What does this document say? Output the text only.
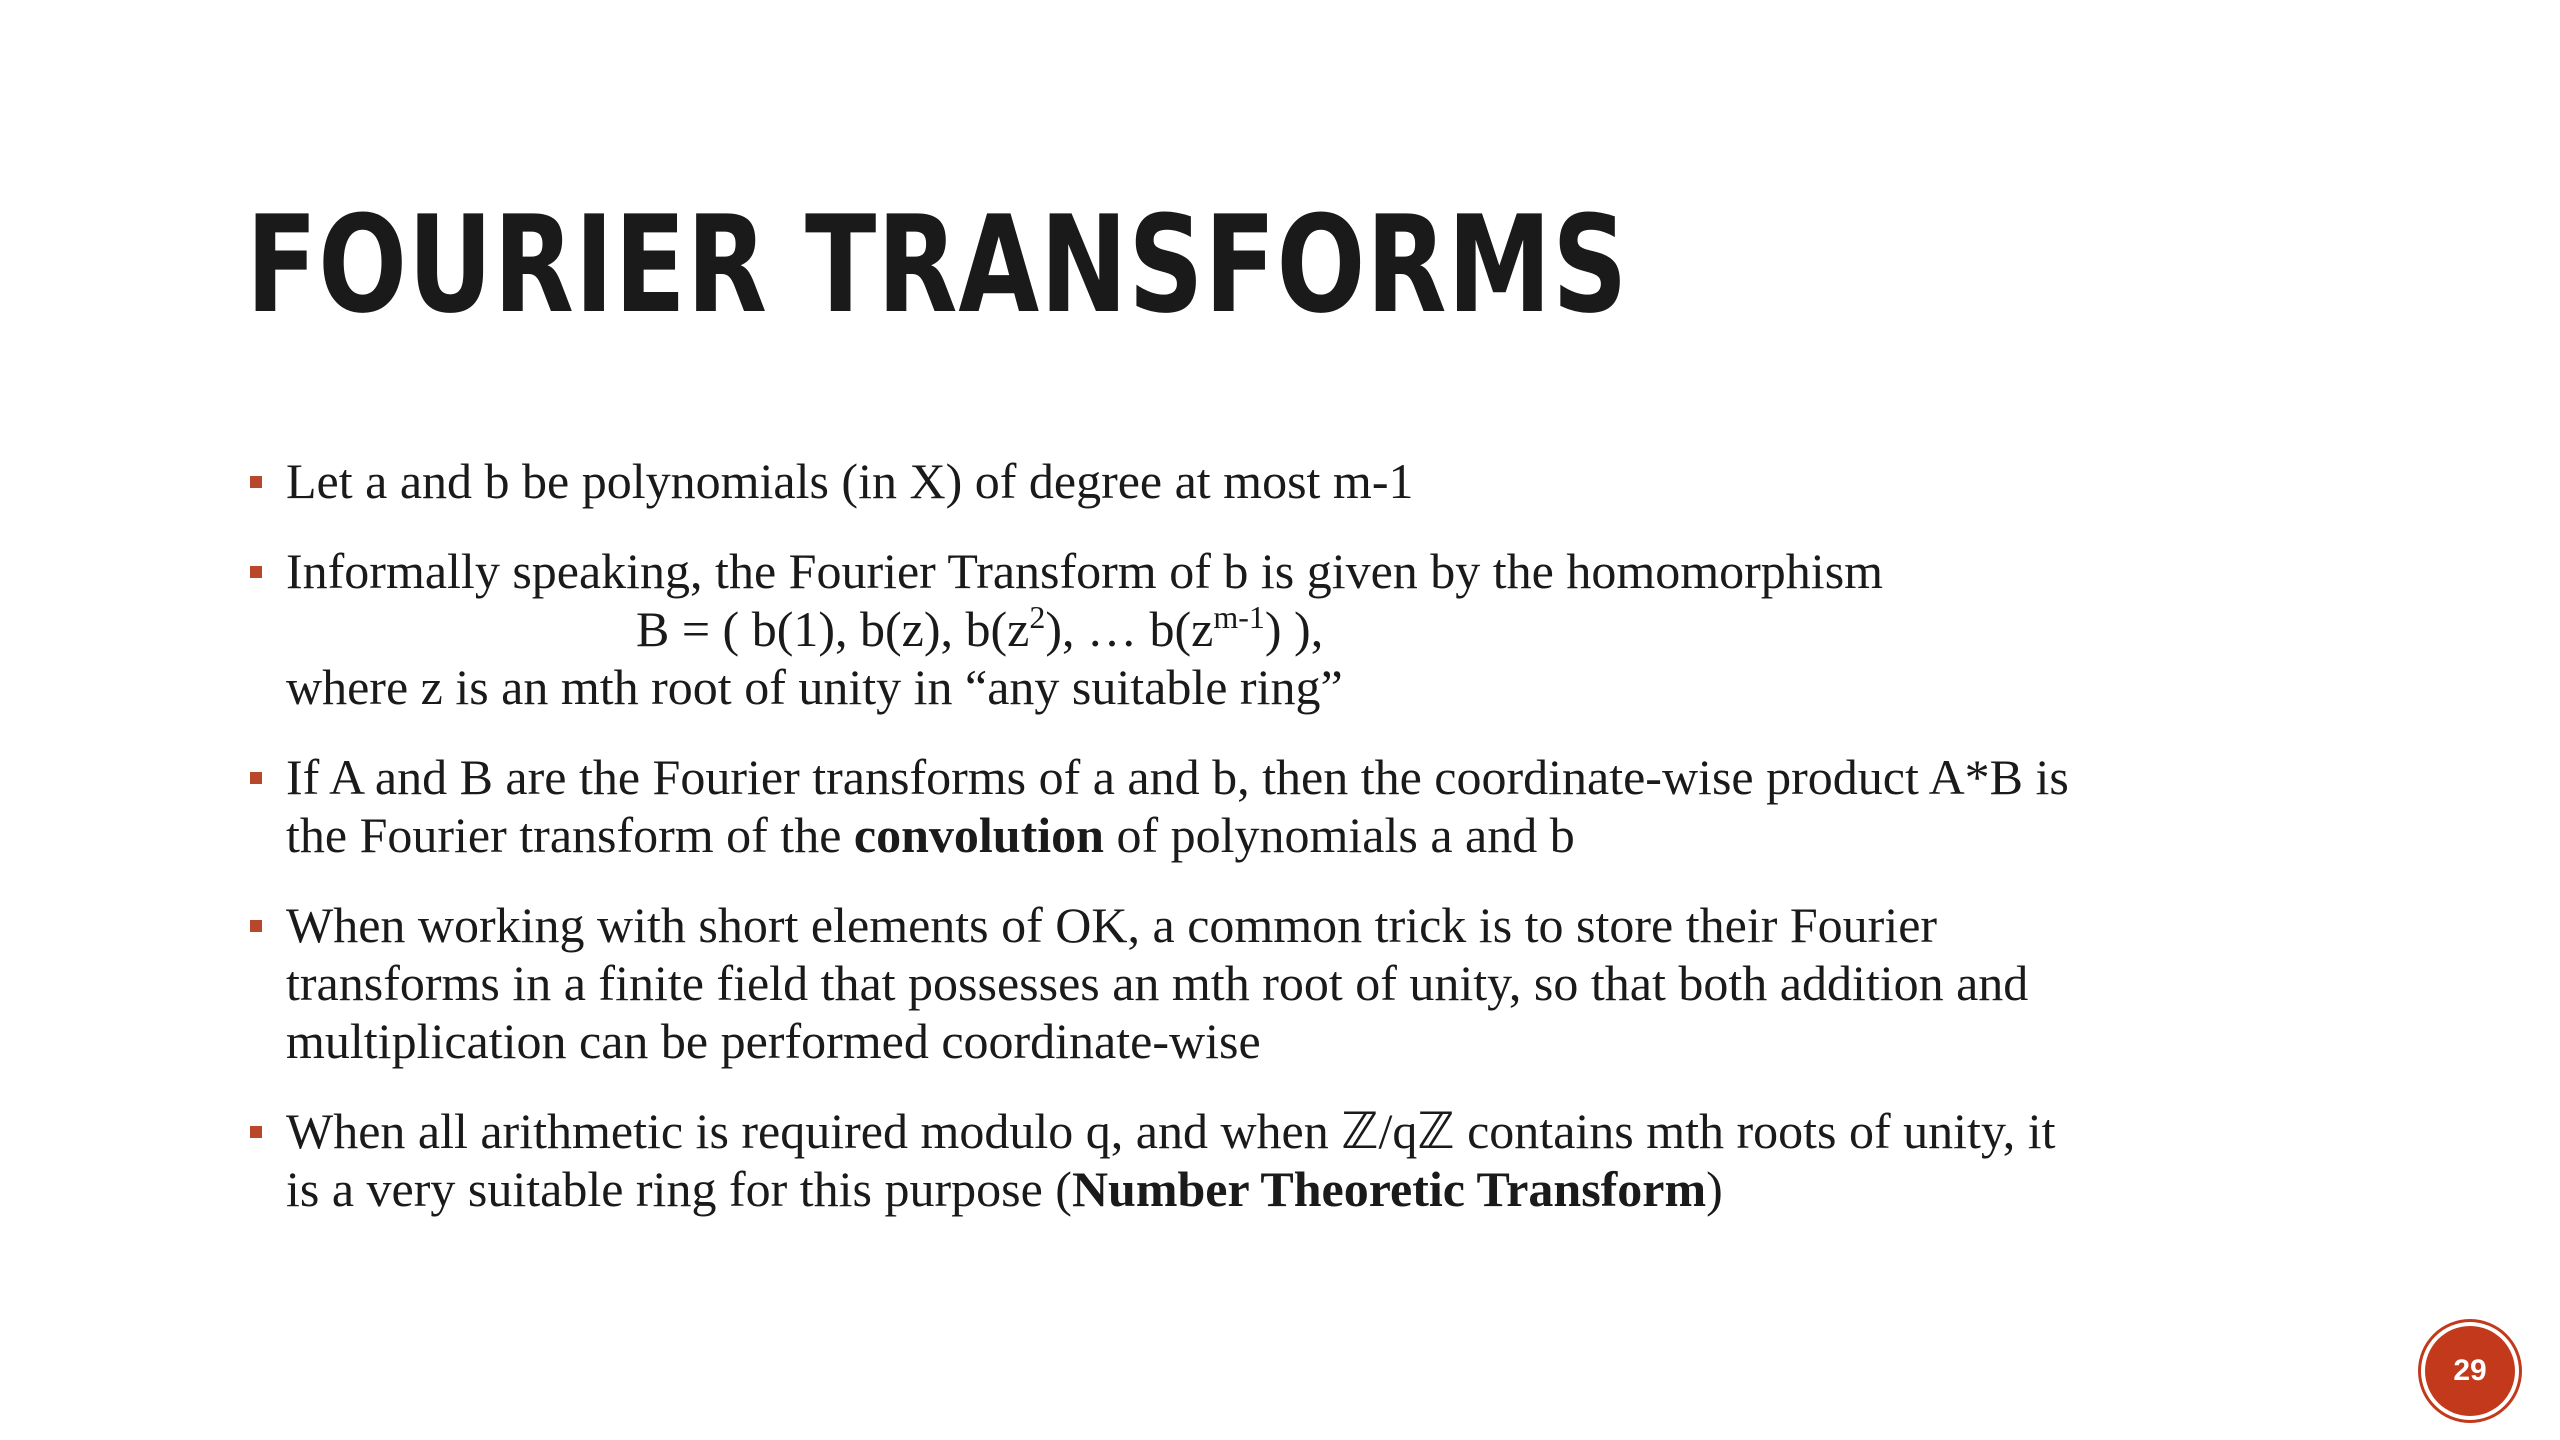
FOURIER TRANSFORMS
Let a and b be polynomials (in X) of degree at most m-1
Informally speaking, the Fourier Transform of b is given by the homomorphism
B = ( b(1), b(z), $b(z^2)$, … $b(z^{m-1})$ ),
where z is an mth root of unity in “any suitable ring”
If A and B are the Fourier transforms of a and b, then the coordinate-wise product A*B is
the Fourier transform of the convolution of polynomials a and b
When working with short elements of OK, a common trick is to store their Fourier
transforms in a finite field that possesses an mth root of unity, so that both addition and
multiplication can be performed coordinate-wise
When all arithmetic is required modulo q, and when ℤ/qℤ contains mth roots of unity, it
is a very suitable ring for this purpose (Number Theoretic Transform)
29
